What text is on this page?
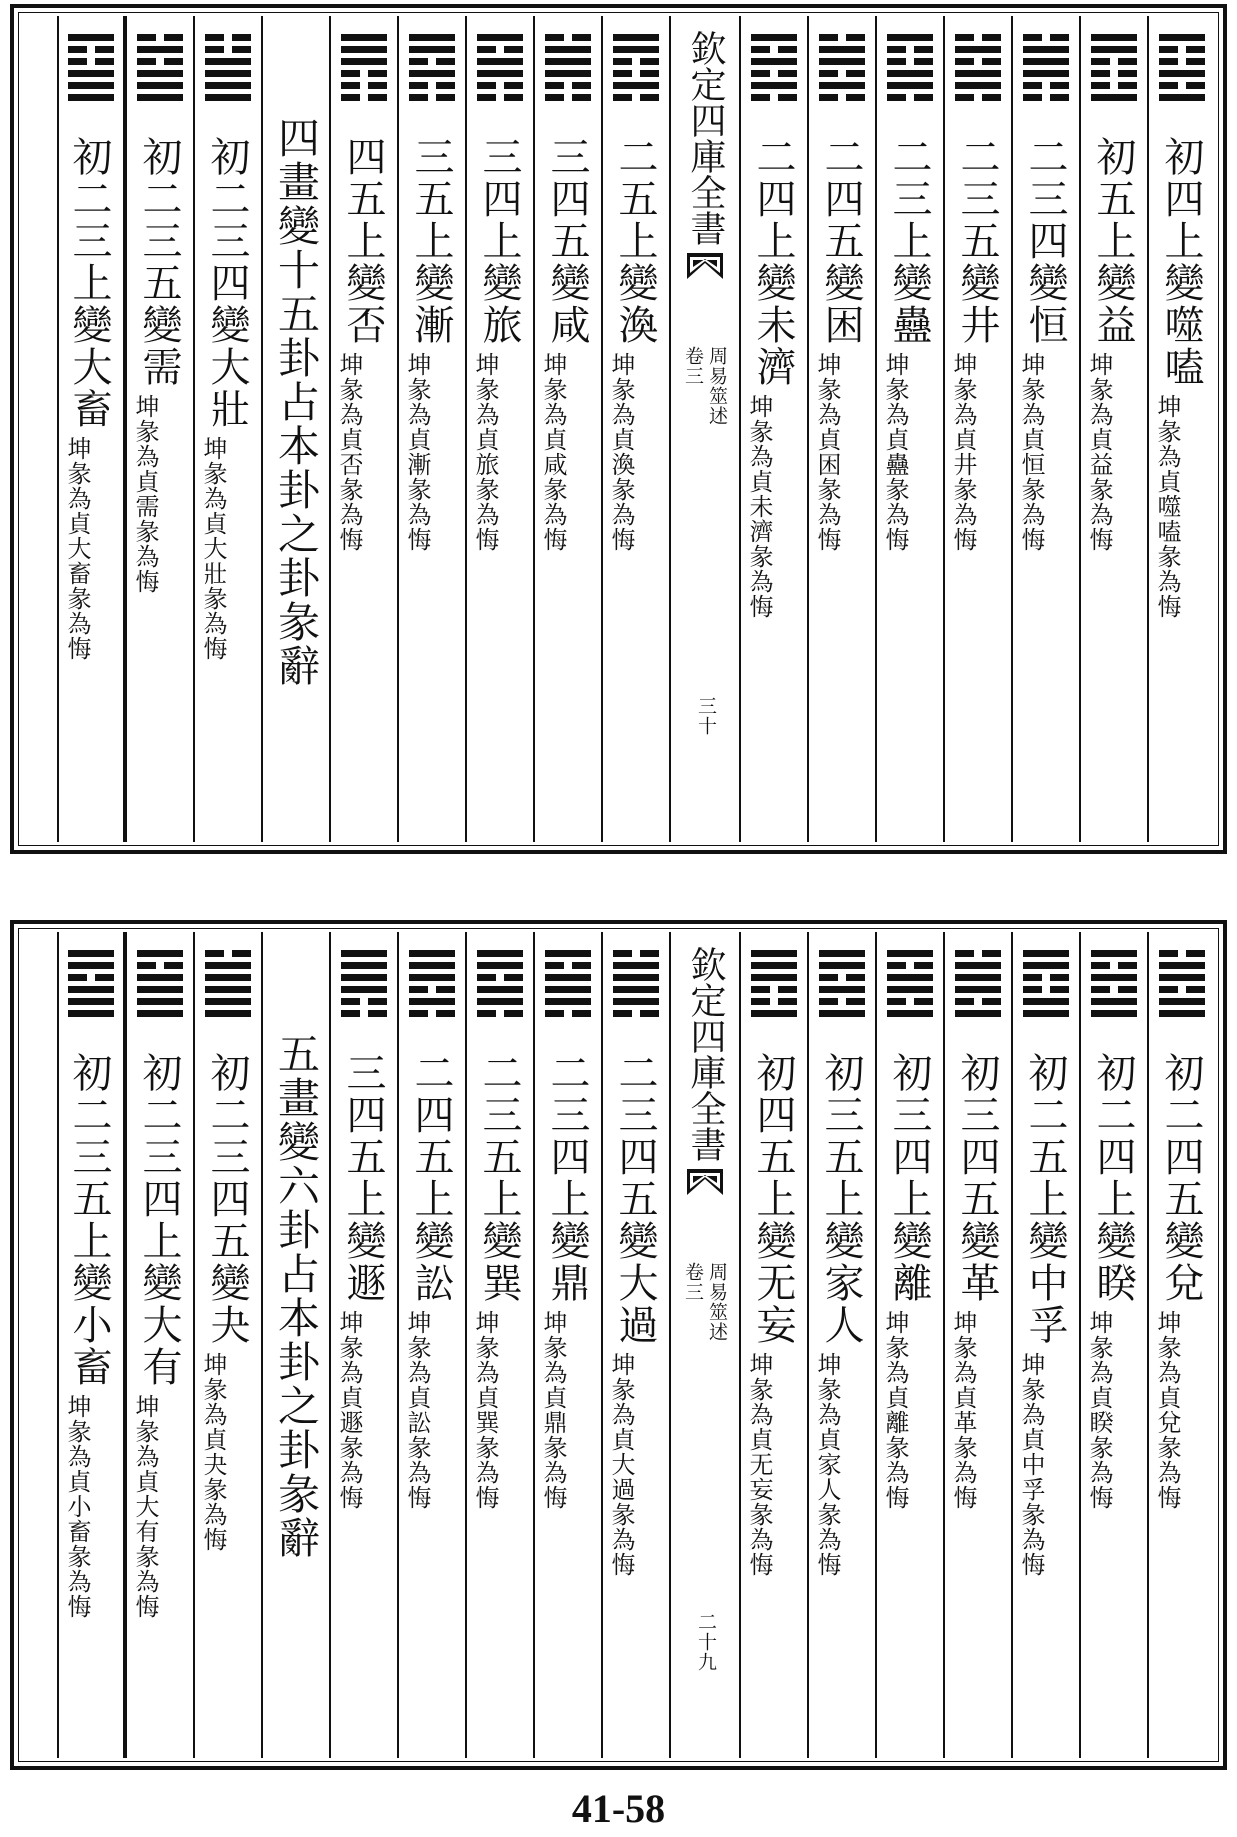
初四上變噬嗑
坤彖為貞噬嗑彖為悔
初五上變益
坤彖為貞益彖為悔
二三四變恒
坤彖為貞恒彖為悔
二三五變井
坤彖為貞井彖為悔
二三上變蠱
坤彖為貞蠱彖為悔
二四五變困
坤彖為貞困彖為悔
二四上變未濟
坤彖為貞未濟彖為悔
二五上變渙
坤彖為貞渙彖為悔
三四五變咸
坤彖為貞咸彖為悔
三四上變旅
坤彖為貞旅彖為悔
三五上變漸
坤彖為貞漸彖為悔
四五上變否
坤彖為貞否彖為悔
四畫變十五卦占本卦之卦彖辭
初二三四變大壯
坤彖為貞大壯彖為悔
初二三五變需
坤彖為貞需彖為悔
初二三上變大畜
坤彖為貞大畜彖為悔
欽定四庫全書
周易筮述
卷三
三十
初二四五變兌
坤彖為貞兌彖為悔
初二四上變睽
坤彖為貞睽彖為悔
初二五上變中孚
坤彖為貞中孚彖為悔
初三四五變革
坤彖為貞革彖為悔
初三四上變離
坤彖為貞離彖為悔
初三五上變家人
坤彖為貞家人彖為悔
初四五上變无妄
坤彖為貞无妄彖為悔
二三四五變大過
坤彖為貞大過彖為悔
二三四上變鼎
坤彖為貞鼎彖為悔
二三五上變巽
坤彖為貞巽彖為悔
二四五上變訟
坤彖為貞訟彖為悔
三四五上變遯
坤彖為貞遯彖為悔
五畫變六卦占本卦之卦彖辭
初二三四五變夬
坤彖為貞夬彖為悔
初二三四上變大有
坤彖為貞大有彖為悔
初二三五上變小畜
坤彖為貞小畜彖為悔
欽定四庫全書
周易筮述
卷三
二十九
41-58
